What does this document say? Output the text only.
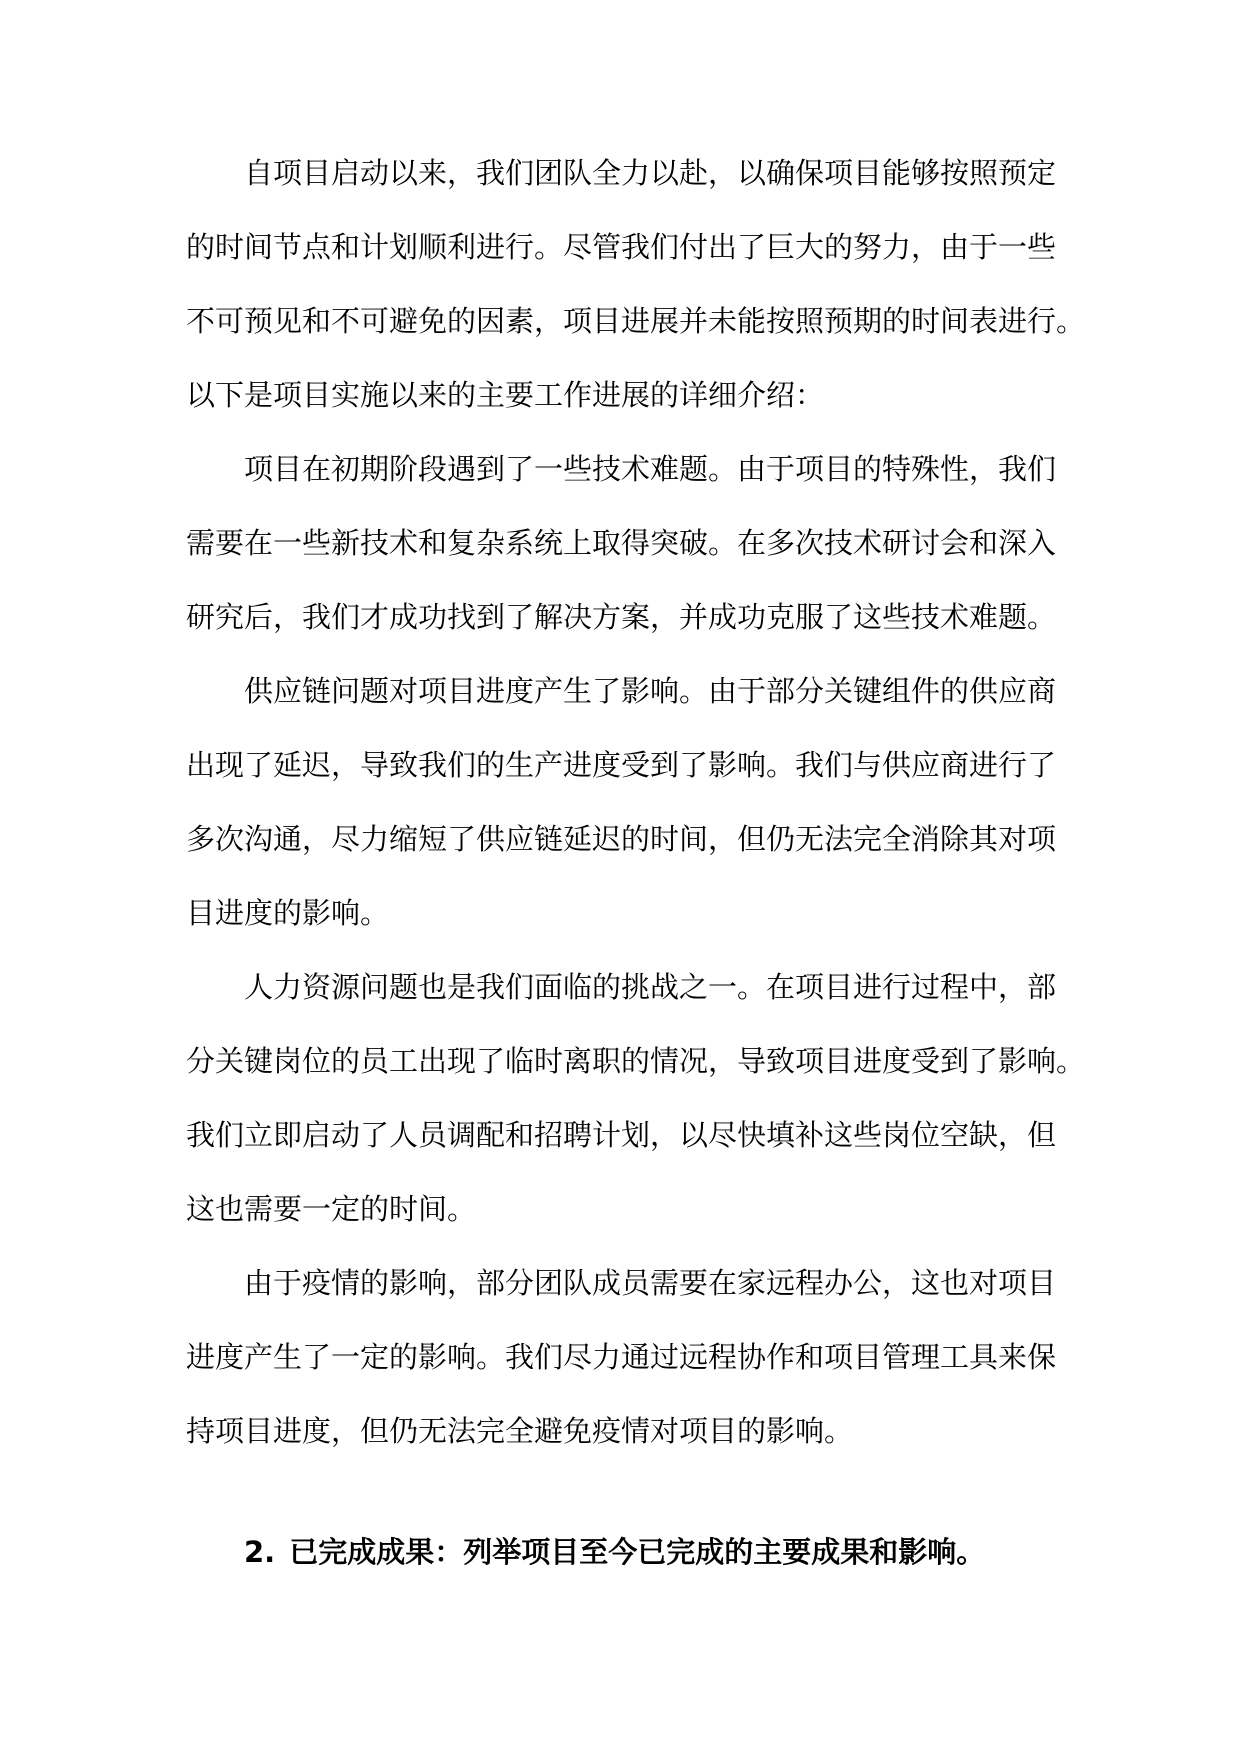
自项目启动以来，我们团队全力以赴，以确保项目能够按照预定
的时间节点和计划顺利进行。尽管我们付出了巨大的努力，由于一些
不可预见和不可避免的因素，项目进展并未能按照预期的时间表进行。
以下是项目实施以来的主要工作进展的详细介绍：
项目在初期阶段遇到了一些技术难题。由于项目的特殊性，我们
需要在一些新技术和复杂系统上取得突破。在多次技术研讨会和深入
研究后，我们才成功找到了解决方案，并成功克服了这些技术难题。
供应链问题对项目进度产生了影响。由于部分关键组件的供应商
出现了延迟，导致我们的生产进度受到了影响。我们与供应商进行了
多次沟通，尽力缩短了供应链延迟的时间，但仍无法完全消除其对项
目进度的影响。
人力资源问题也是我们面临的挑战之一。在项目进行过程中，部
分关键岗位的员工出现了临时离职的情况，导致项目进度受到了影响。
我们立即启动了人员调配和招聘计划，以尽快填补这些岗位空缺，但
这也需要一定的时间。
由于疫情的影响，部分团队成员需要在家远程办公，这也对项目
进度产生了一定的影响。我们尽力通过远程协作和项目管理工具来保
持项目进度，但仍无法完全避免疫情对项目的影响。
2. 已完成成果：列举项目至今已完成的主要成果和影响。
